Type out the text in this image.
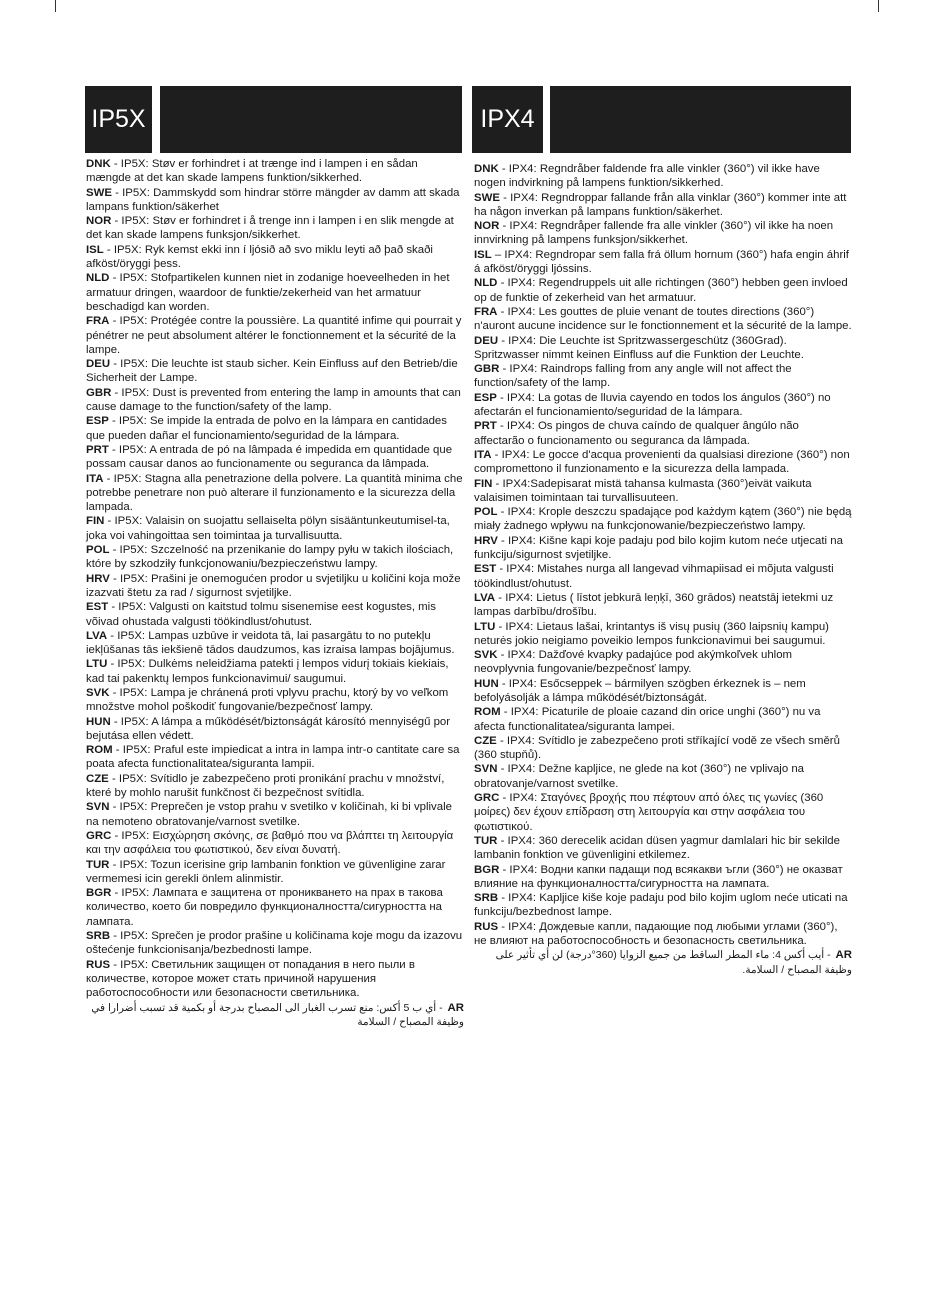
IP5X	IPX4

DNK - IP5X: Støv er forhindret i at trænge ind i lampen i en sådan mængde at det kan skade lampens funktion/sikkerhed.

SWE - IP5X: Dammskydd som hindrar större mängder av damm att skada lampans funktion/säkerhet

NOR - IP5X: Støv er forhindret i å trenge inn i lampen i en slik mengde at det kan skade lampens funksjon/sikkerhet.

ISL - IP5X: Ryk kemst ekki inn í ljósið að svo miklu leyti að það skaði afköst/öryggi þess.

NLD - IP5X: Stofpartikelen kunnen niet in zodanige hoeveelheden in het armatuur dringen, waardoor de funktie/zekerheid van het armatuur beschadigd kan worden.

FRA - IP5X: Protégée contre la poussière. La quantité infime qui pourrait y pénétrer ne peut absolument altérer le fonctionnement et la sécurité de la lampe.

DEU - IP5X: Die leuchte ist staub sicher. Kein Einfluss auf den Betrieb/die Sicherheit der Lampe.

GBR - IP5X: Dust is prevented from entering the lamp in amounts that can cause damage to the function/safety of the lamp.

ESP - IP5X: Se impide la entrada de polvo en la lámpara en cantidades que pueden dañar el funcionamiento/seguridad de la lámpara.

PRT - IP5X: A entrada de pó na lâmpada é impedida em quantidade que possam causar danos ao funcionamente ou seguranca da lâmpada.

ITA - IP5X: Stagna alla penetrazione della polvere. La quantità minima che potrebbe penetrare non può alterare il funzionamento e la sicurezza della lampada.

FIN - IP5X: Valaisin on suojattu sellaiselta pölyn sisääntunkeutumisel-ta, joka voi vahingoittaa sen toimintaa ja turvallisuutta.

POL - IP5X: Szczelność na przenikanie do lampy pyłu w takich ilościach, które by szkodziły funkcjonowaniu/bezpieczeństwu lampy.

HRV - IP5X: Prašini je onemogućen prodor u svjetiljku u količini koja može izazvati štetu za rad / sigurnost svjetiljke.

EST - IP5X: Valgusti on kaitstud tolmu sisenemise eest kogustes, mis võivad ohustada valgusti töökindlust/ohutust.

LVA - IP5X: Lampas uzbūve ir veidota tā, lai pasargātu to no putekļu iekļūšanas tās iekšienē tādos daudzumos, kas izraisa lampas bojājumus.

LTU - IP5X: Dulkėms neleidžiama patekti į lempos vidurį tokiais kiekiais, kad tai pakenktų lempos funkcionavimui/ saugumui.

SVK - IP5X: Lampa je chránená proti vplyvu prachu, ktorý by vo veľkom množstve mohol poškodiť fungovanie/bezpečnosť lampy.

HUN - IP5X: A lámpa a működését/biztonságát károsító mennyiségű por bejutása ellen védett.

ROM - IP5X: Praful este impiedicat a intra in lampa intr-o cantitate care sa poata afecta functionalitatea/siguranta lampii.

CZE - IP5X: Svítidlo je zabezpečeno proti pronikání prachu v množství, které by mohlo narušit funkčnost či bezpečnost svítidla.

SVN - IP5X: Preprečen je vstop prahu v svetilko v količinah, ki bi vplivale na nemoteno obratovanje/varnost svetilke.

GRC - IP5X: Εισχώρηση σκόνης, σε βαθμό που να βλάπτει τη λειτουργία και την ασφάλεια του φωτιστικού, δεν είναι δυνατή.

TUR - IP5X: Tozun icerisine grip lambanin fonktion ve güvenligine zarar vermemesi icin gerekli önlem alinmistir.

BGR - IP5X: Лампата е защитена от проникването на прах в такова количество, което би повредило функционалността/сигурността на лампата.

SRB - IP5X: Sprečen je prodor prašine u količinama koje mogu da izazovu oštećenje funkcionisanja/bezbednosti lampe.

RUS - IP5X: Светильник защищен от попадания в него пыли в количестве, которое может стать причиной нарушения работоспособности или безопасности светильника.

AR - أي ب 5 أكس: منع تسرب الغبار الى المصباح بدرجة أو بكمية قد تسبب أضرارا في وظيفة المصباح / السلامة

DNK - IPX4: Regndråber faldende fra alle vinkler (360°) vil ikke have nogen indvirkning på lampens funktion/sikkerhed.

SWE - IPX4: Regndroppar fallande från alla vinklar (360°) kommer inte att ha någon inverkan på lampans funktion/säkerhet.

NOR - IPX4: Regndråper fallende fra alle vinkler (360°) vil ikke ha noen innvirkning på lampens funksjon/sikkerhet.

ISL – IPX4: Regndropar sem falla frá öllum hornum (360°) hafa engin áhrif á afköst/öryggi ljóssins.

NLD - IPX4: Regendruppels uit alle richtingen (360°) hebben geen invloed op de funktie of zekerheid van het armatuur.

FRA - IPX4: Les gouttes de pluie venant de toutes directions (360°) n'auront aucune incidence sur le fonctionnement et la sécurité de la lampe.

DEU - IPX4: Die Leuchte ist Spritzwassergeschütz (360Grad). Spritzwasser nimmt keinen Einfluss auf die Funktion der Leuchte.

GBR - IPX4: Raindrops falling from any angle will not affect the function/safety of the lamp.

ESP - IPX4: La gotas de lluvia cayendo en todos los ángulos (360°) no afectarán el funcionamiento/seguridad de la lámpara.

PRT - IPX4: Os pingos de chuva caíndo de qualquer ângúlo não affectarão o funcionamento ou seguranca da lâmpada.

ITA - IPX4: Le gocce d'acqua provenienti da qualsiasi direzione (360°) non compromettono il funzionamento e la sicurezza della lampada.

FIN - IPX4:Sadepisarat mistä tahansa kulmasta (360°)eivät vaikuta valaisimen toimintaan tai turvallisuuteen.

POL - IPX4: Krople deszczu spadające pod każdym kątem (360°) nie będą miały żadnego wpływu na funkcjonowanie/bezpieczeństwo lampy.

HRV - IPX4: Kišne kapi koje padaju pod bilo kojim kutom neće utjecati na funkciju/sigurnost svjetiljke.

EST - IPX4: Mistahes nurga all langevad vihmapiisad ei mõjuta valgusti töökindlust/ohutust.

LVA - IPX4: Lietus ( līstot jebkurā leņķī, 360 grādos) neatstāj ietekmi uz lampas darbību/drošību.

LTU - IPX4: Lietaus lašai, krintantys iš visų pusių (360 laipsnių kampu) neturės jokio neigiamo poveikio lempos funkcionavimui bei saugumui.

SVK - IPX4: Dažďové kvapky padajúce pod akýmkoľvek uhlom neovplyvnia fungovanie/bezpečnosť lampy.

HUN - IPX4: Esőcseppek – bármilyen szögben érkeznek is – nem befolyásolják a lámpa működését/biztonságát.

ROM - IPX4: Picaturile de ploaie cazand din orice unghi (360°) nu va afecta functionalitatea/siguranta lampei.

CZE - IPX4: Svítidlo je zabezpečeno proti stříkající vodě ze všech směrů (360 stupňů).

SVN - IPX4: Dežne kapljice, ne glede na kot (360°) ne vplivajo na obratovanje/varnost svetilke.

GRC - IPX4: Σταγόνες βροχής που πέφτουν από όλες τις γωνίες (360 μοίρες) δεν έχουν επίδραση στη λειτουργία και στην ασφάλεια του φωτιστικού.

TUR - IPX4: 360 derecelik acidan düsen yagmur damlalari hic bir sekilde lambanin fonktion ve güvenligini etkilemez.

BGR - IPX4: Водни капки падащи под всякакви ъгли (360°) не оказват влияние на функционалността/сигурността на лампата.

SRB - IPX4: Kapljice kiše koje padaju pod bilo kojim uglom neće uticati na funkciju/bezbednost lampe.

RUS - IPX4: Дождевые капли, падающие под любыми углами (360°), не влияют на работоспособность и безопасность светильника.

AR - أيب أكس 4: ماء المطر الساقط من جميع الزوايا (360°درجة) لن أي تأثير على وظيفة المصباح / السلامة.
